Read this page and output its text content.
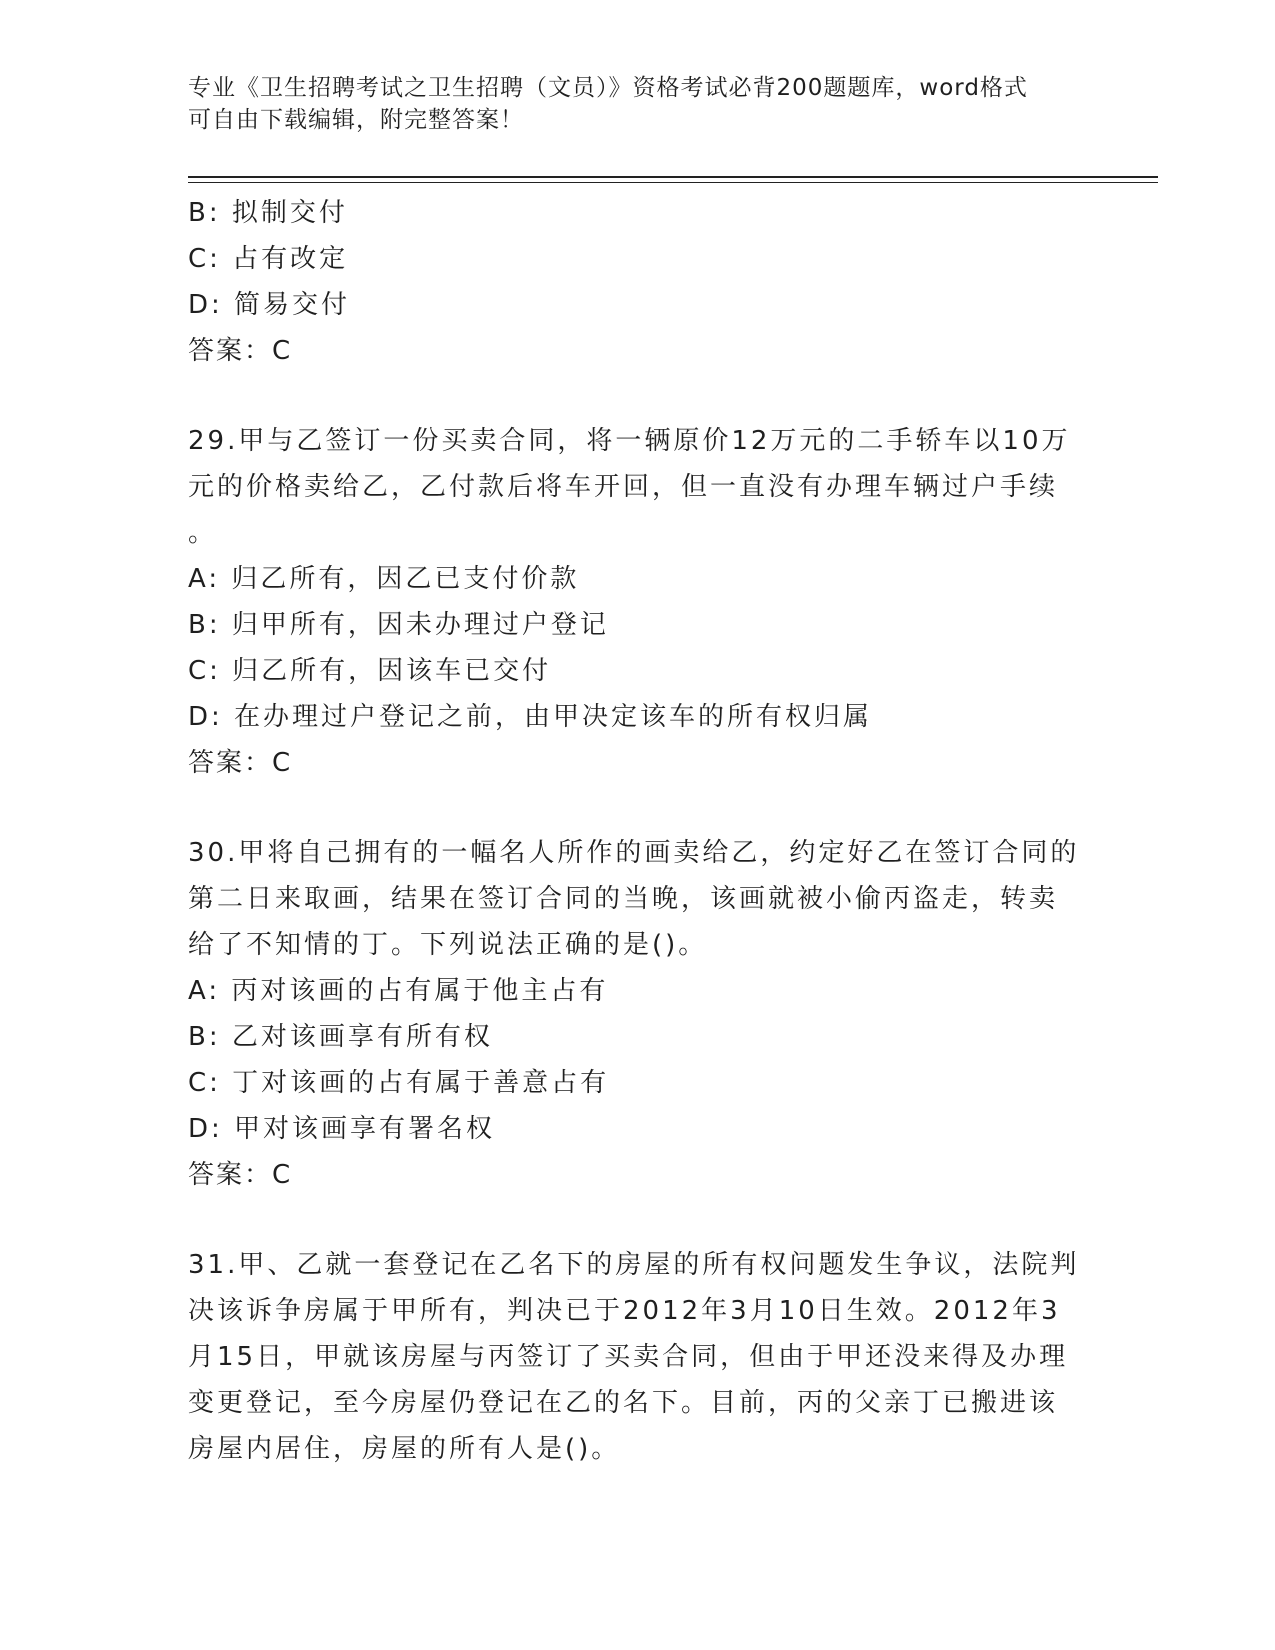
专业《卫生招聘考试之卫生招聘（文员）》资格考试必背200题题库，word格式
可自由下载编辑，附完整答案！
B: 拟制交付
C: 占有改定
D: 简易交付
答案：C
29.甲与乙签订一份买卖合同，将一辆原价12万元的二手轿车以10万
元的价格卖给乙，乙付款后将车开回，但一直没有办理车辆过户手续
。
A: 归乙所有，因乙已支付价款
B: 归甲所有，因未办理过户登记
C: 归乙所有，因该车已交付
D: 在办理过户登记之前，由甲决定该车的所有权归属
答案：C
30.甲将自己拥有的一幅名人所作的画卖给乙，约定好乙在签订合同的
第二日来取画，结果在签订合同的当晚，该画就被小偷丙盗走，转卖
给了不知情的丁。下列说法正确的是()。
A: 丙对该画的占有属于他主占有
B: 乙对该画享有所有权
C: 丁对该画的占有属于善意占有
D: 甲对该画享有署名权
答案：C
31.甲、乙就一套登记在乙名下的房屋的所有权问题发生争议，法院判
决该诉争房属于甲所有，判决已于2012年3月10日生效。2012年3
月15日，甲就该房屋与丙签订了买卖合同，但由于甲还没来得及办理
变更登记，至今房屋仍登记在乙的名下。目前，丙的父亲丁已搬进该
房屋内居住，房屋的所有人是()。
